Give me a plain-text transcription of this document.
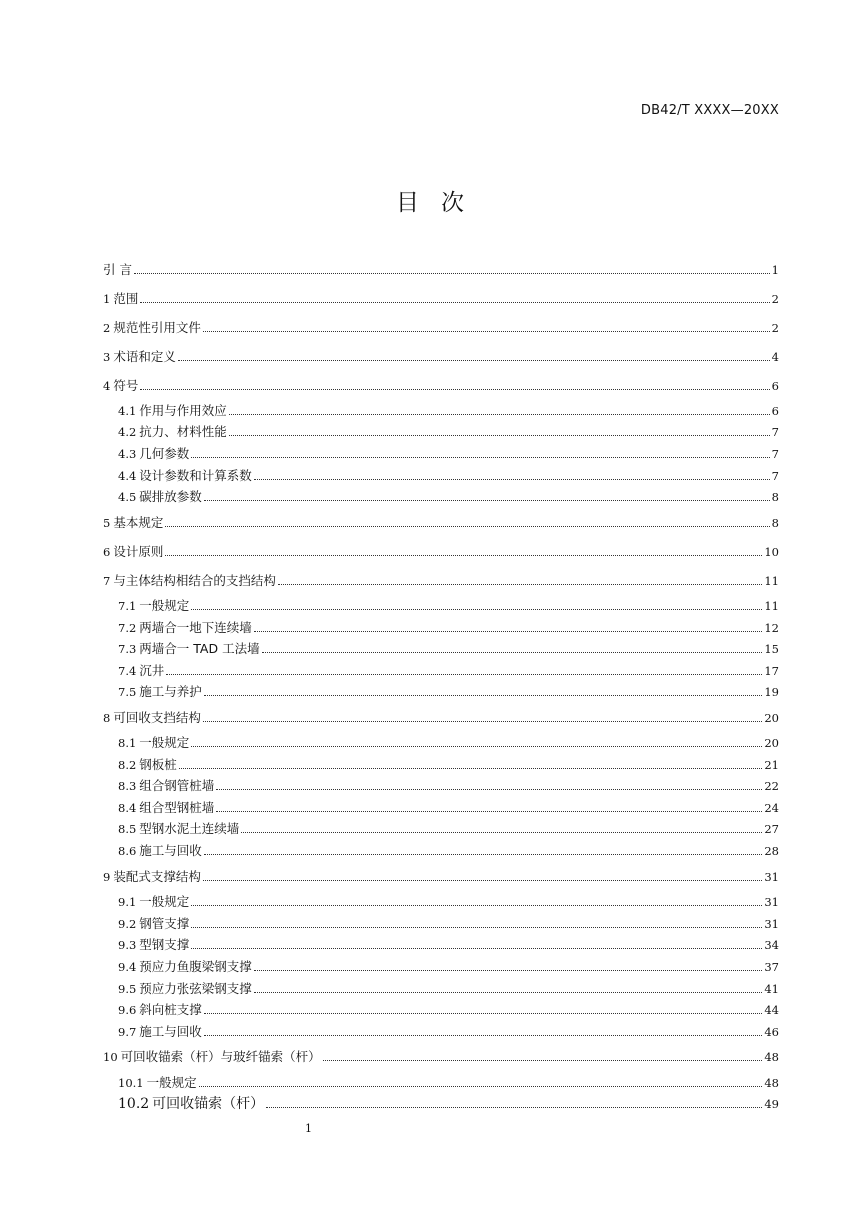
DB42/T XXXX—20XX
目 次
引 言	1
1 范围	2
2 规范性引用文件	2
3 术语和定义	4
4 符号	6
4.1 作用与作用效应	6
4.2 抗力、材料性能	7
4.3 几何参数	7
4.4 设计参数和计算系数	7
4.5 碳排放参数	8
5 基本规定	8
6 设计原则	10
7 与主体结构相结合的支挡结构	11
7.1 一般规定	11
7.2 两墙合一地下连续墙	12
7.3 两墙合一 TAD 工法墙	15
7.4 沉井	17
7.5 施工与养护	19
8 可回收支挡结构	20
8.1 一般规定	20
8.2 钢板桩	21
8.3 组合钢管桩墙	22
8.4 组合型钢桩墙	24
8.5 型钢水泥土连续墙	27
8.6 施工与回收	28
9 装配式支撑结构	31
9.1 一般规定	31
9.2 钢管支撑	31
9.3 型钢支撑	34
9.4 预应力鱼腹梁钢支撑	37
9.5 预应力张弦梁钢支撑	41
9.6 斜向桩支撑	44
9.7 施工与回收	46
10 可回收锚索（杆）与玻纤锚索（杆）	48
10.1 一般规定	48
10.2 可回收锚索（杆）	49
1
